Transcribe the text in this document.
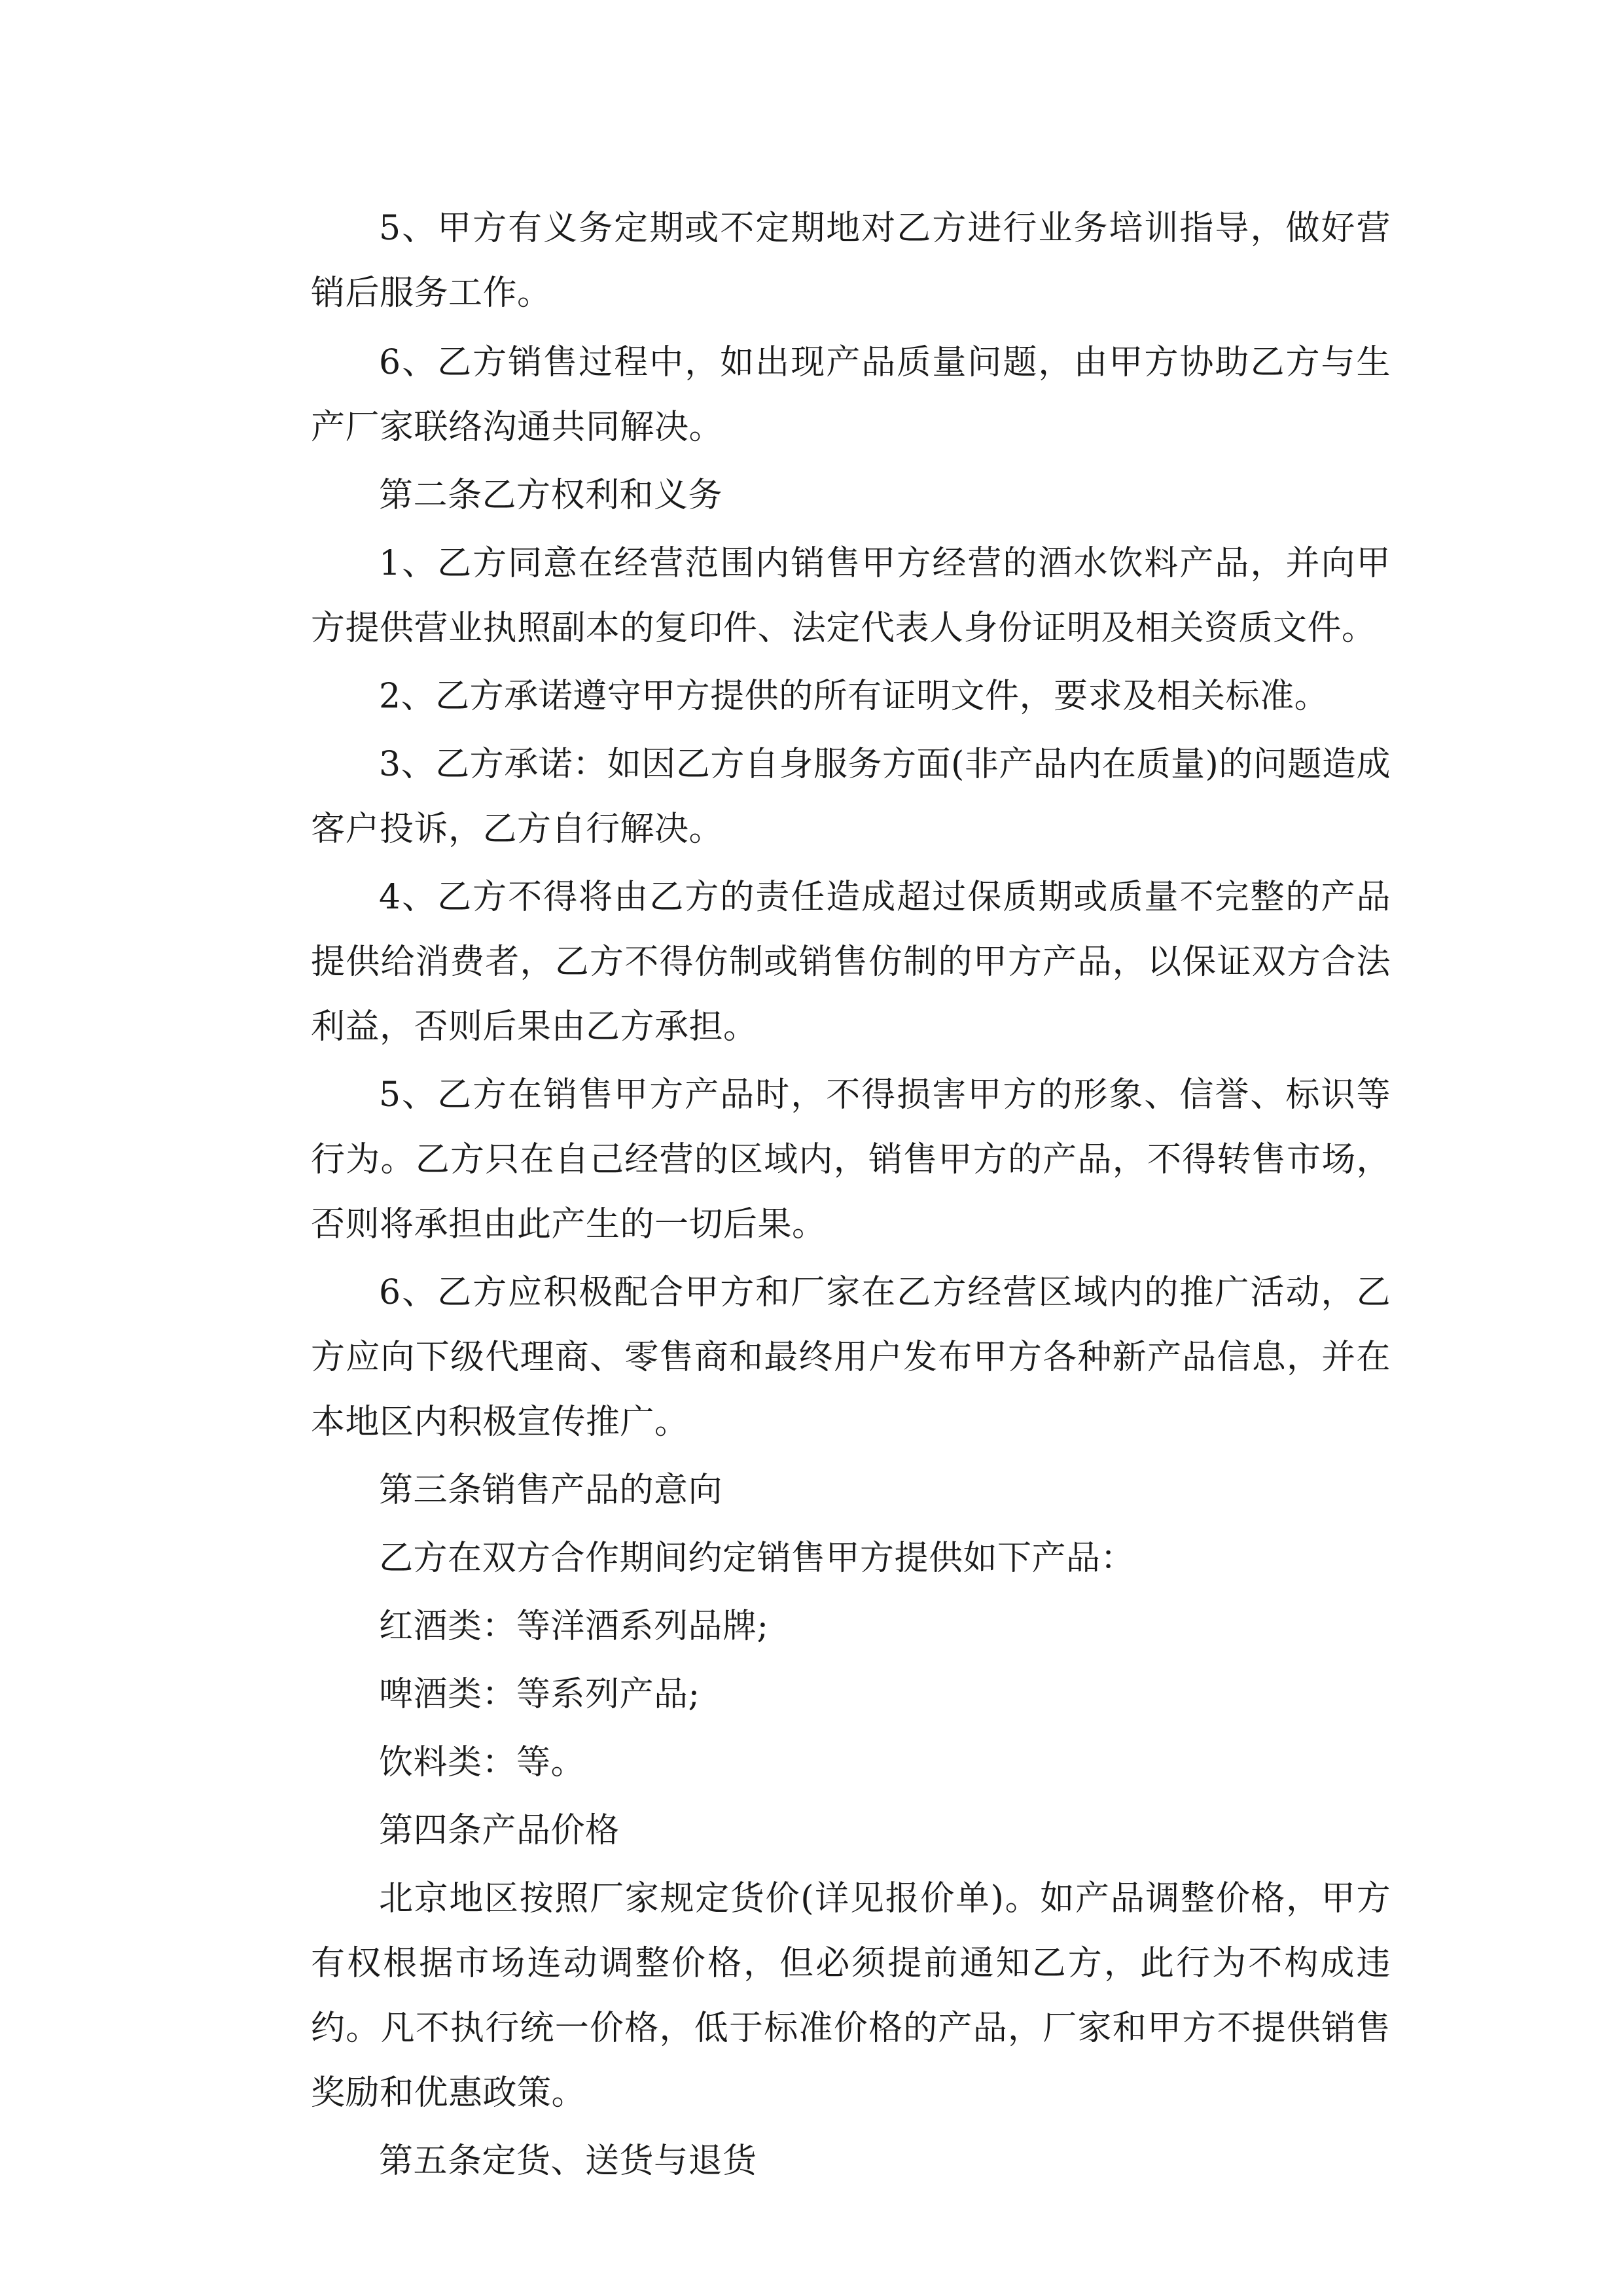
5、甲方有义务定期或不定期地对乙方进行业务培训指导，做好营销后服务工作。

6、乙方销售过程中，如出现产品质量问题，由甲方协助乙方与生产厂家联络沟通共同解决。

第二条乙方权利和义务

1、乙方同意在经营范围内销售甲方经营的酒水饮料产品，并向甲方提供营业执照副本的复印件、法定代表人身份证明及相关资质文件。

2、乙方承诺遵守甲方提供的所有证明文件，要求及相关标准。

3、乙方承诺：如因乙方自身服务方面(非产品内在质量)的问题造成客户投诉，乙方自行解决。

4、乙方不得将由乙方的责任造成超过保质期或质量不完整的产品提供给消费者，乙方不得仿制或销售仿制的甲方产品，以保证双方合法利益，否则后果由乙方承担。

5、乙方在销售甲方产品时，不得损害甲方的形象、信誉、标识等行为。乙方只在自己经营的区域内，销售甲方的产品，不得转售市场，否则将承担由此产生的一切后果。

6、乙方应积极配合甲方和厂家在乙方经营区域内的推广活动，乙方应向下级代理商、零售商和最终用户发布甲方各种新产品信息，并在本地区内积极宣传推广。

第三条销售产品的意向

乙方在双方合作期间约定销售甲方提供如下产品：

红酒类：等洋酒系列品牌;

啤酒类：等系列产品;

饮料类：等。

第四条产品价格

北京地区按照厂家规定货价(详见报价单)。如产品调整价格，甲方有权根据市场连动调整价格，但必须提前通知乙方，此行为不构成违约。凡不执行统一价格，低于标准价格的产品，厂家和甲方不提供销售奖励和优惠政策。

第五条定货、送货与退货
